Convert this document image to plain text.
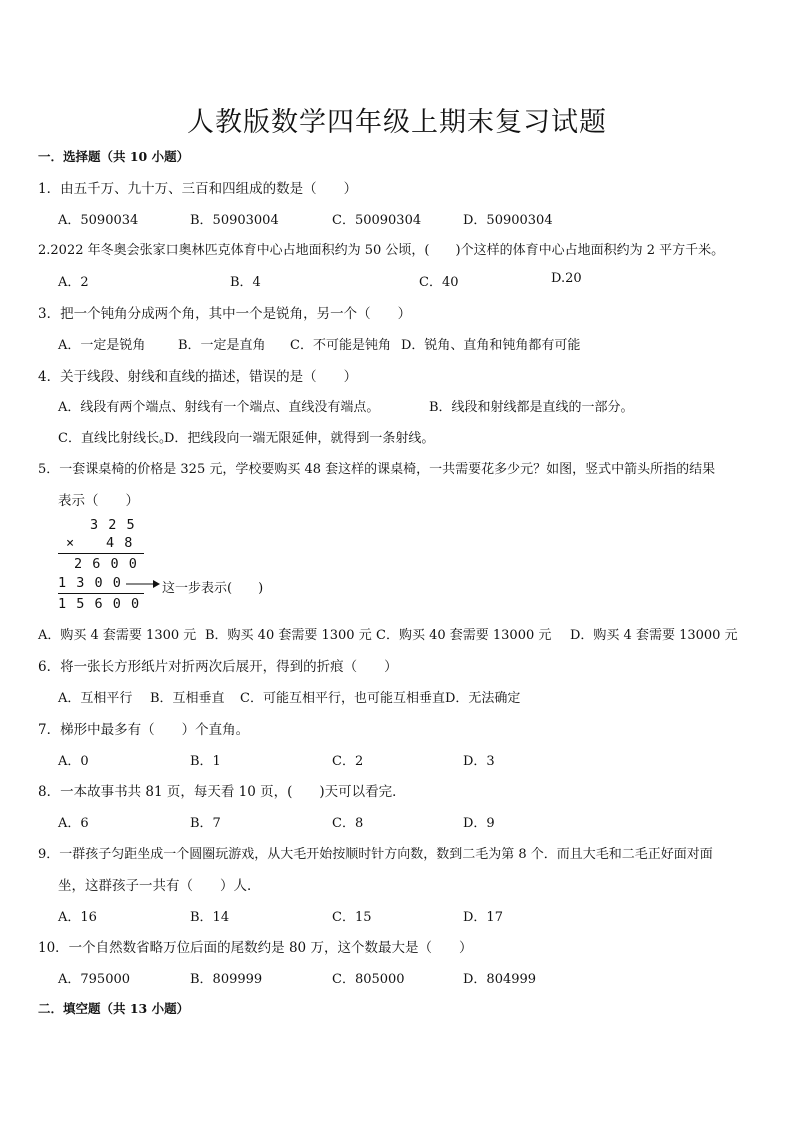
人教版数学四年级上期末复习试题
一．选择题（共 10 小题）
1．由五千万、九十万、三百和四组成的数是（　　）
A．5090034	B．50903004	C．50090304	D．50900304
2.2022 年冬奥会张家口奥林匹克体育中心占地面积约为 50 公顷，(　　)个这样的体育中心占地面积约为 2 平方千米。
A．2	B．4	C．40	D.20
3．把一个钝角分成两个角，其中一个是锐角，另一个（　　）
A．一定是锐角	B．一定是直角 C．不可能是钝角 D．锐角、直角和钝角都有可能
4．关于线段、射线和直线的描述，错误的是（　　）
A．线段有两个端点、射线有一个端点、直线没有端点。	B．线段和射线都是直线的一部分。
C．直线比射线长。
D．把线段向一端无限延伸，就得到一条射线。
5．一套课桌椅的价格是 325 元，学校要购买 48 套这样的课桌椅，一共需要花多少元？如图，竖式中箭头所指的结果
表示（　　）
3 2 5
× 4 8
2 6 0 0
1 3 0 0	这一步表示(　　)
1 5 6 0 0
A．购买 4 套需要 1300 元 B．购买 40 套需要 1300 元 C．购买 40 套需要 13000 元 D．购买 4 套需要 13000 元
6．将一张长方形纸片对折两次后展开，得到的折痕（　　）
A．互相平行 B．互相垂直 C．可能互相平行，也可能互相垂直 D．无法确定
7．梯形中最多有（　　）个直角。
A．0	B．1	C．2	D．3
8．一本故事书共 81 页，每天看 10 页，(　　)天可以看完．
A．6	B．7	C．8	D．9
9．一群孩子匀距坐成一个圆圈玩游戏，从大毛开始按顺时针方向数，数到二毛为第 8 个．而且大毛和二毛正好面对面
坐，这群孩子一共有（　　）人．
A．16	B．14	C．15	D．17
10．一个自然数省略万位后面的尾数约是 80 万，这个数最大是（　　）
A．795000	B．809999	C．805000	D．804999
二．填空题（共 13 小题）
